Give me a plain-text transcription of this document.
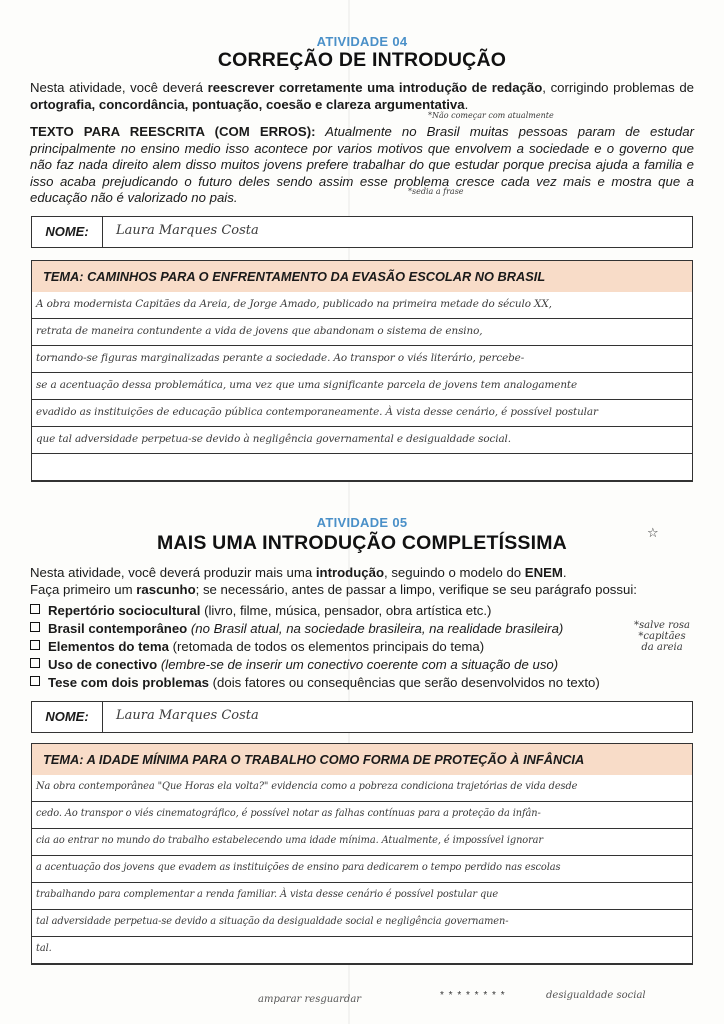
ATIVIDADE 04
CORREÇÃO DE INTRODUÇÃO
Nesta atividade, você deverá reescrever corretamente uma introdução de redação, corrigindo problemas de ortografia, concordância, pontuação, coesão e clareza argumentativa.
*Não começar com atualmente
TEXTO PARA REESCRITA (COM ERROS): Atualmente no Brasil muitas pessoas param de estudar principalmente no ensino medio isso acontece por varios motivos que envolvem a sociedade e o governo que não faz nada direito alem disso muitos jovens prefere trabalhar do que estudar porque precisa ajuda a familia e isso acaba prejudicando o futuro deles sendo assim esse problema cresce cada vez mais e mostra que a educação não é valorizado no pais.	*sedia a frase
NOME:	Laura Marques Costa
TEMA: CAMINHOS PARA O ENFRENTAMENTO DA EVASÃO ESCOLAR NO BRASIL
A obra modernista Capitães da Areia, de Jorge Amado, publicado na primeira metade do século XX,
retrata de maneira contundente a vida de jovens que abandonam o sistema de ensino,
tornando-se figuras marginalizadas perante a sociedade. Ao transpor o viés literário, percebe-
se a acentuação dessa problemática, uma vez que uma significante parcela de jovens tem analogamente
evadido as instituições de educação pública contemporaneamente. À vista desse cenário, é possível postular
que tal adversidade perpetua-se devido à negligência governamental e desigualdade social.
ATIVIDADE 05
MAIS UMA INTRODUÇÃO COMPLETÍSSIMA	☆
Nesta atividade, você deverá produzir mais uma introdução, seguindo o modelo do ENEM.
Faça primeiro um rascunho; se necessário, antes de passar a limpo, verifique se seu parágrafo possui:
Repertório sociocultural (livro, filme, música, pensador, obra artística etc.)
Brasil contemporâneo (no Brasil atual, na sociedade brasileira, na realidade brasileira)
Elementos do tema (retomada de todos os elementos principais do tema)
Uso de conectivo (lembre-se de inserir um conectivo coerente com a situação de uso)
Tese com dois problemas (dois fatores ou consequências que serão desenvolvidos no texto)
*salve rosa
*capitães
da areia
NOME:	Laura Marques Costa
TEMA: A IDADE MÍNIMA PARA O TRABALHO COMO FORMA DE PROTEÇÃO À INFÂNCIA
Na obra contemporânea "Que Horas ela volta?" evidencia como a pobreza condiciona trajetórias de vida desde
cedo. Ao transpor o viés cinematográfico, é possível notar as falhas contínuas para a proteção da infân-
cia ao entrar no mundo do trabalho estabelecendo uma idade mínima. Atualmente, é impossível ignorar
a acentuação dos jovens que evadem as instituições de ensino para dedicarem o tempo perdido nas escolas
trabalhando para complementar a renda familiar. À vista desse cenário é possível postular que
tal adversidade perpetua-se devido a situação da desigualdade social e negligência governamen-
tal.
amparar resguardar	* * * * * * * *	desigualdade social
